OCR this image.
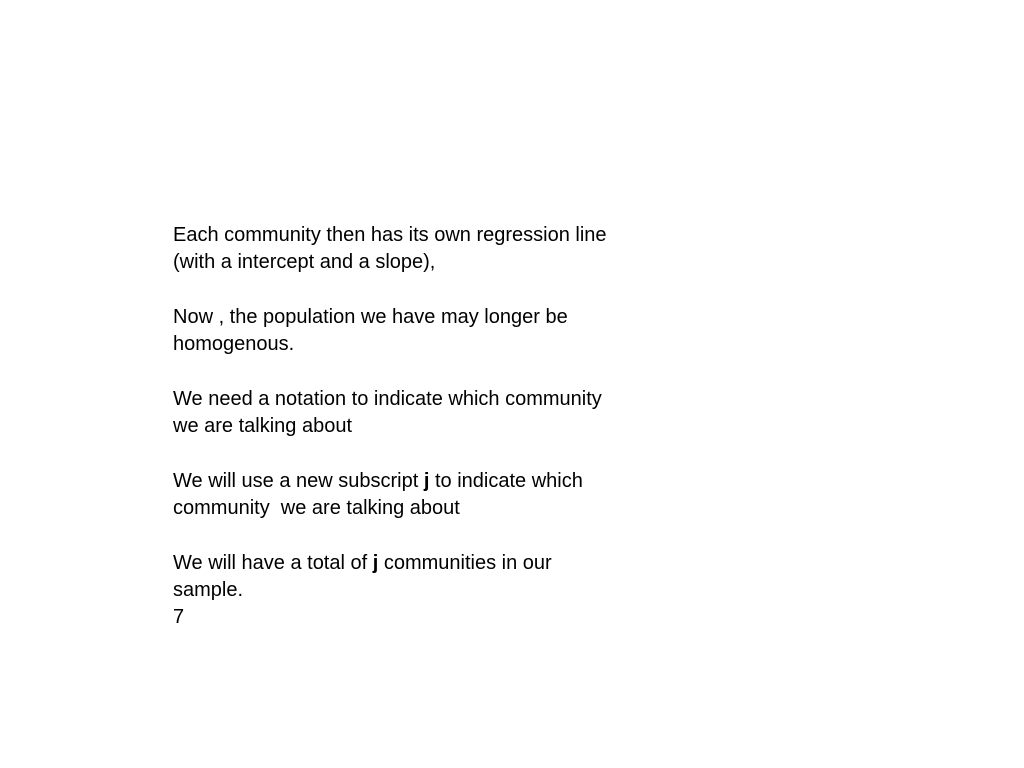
Each community then has its own regression line

(with a intercept and a slope),

Now , the population we have may longer be

homogenous.

We need a notation to indicate which community

we are talking about

We will use a new subscript j to indicate which

community  we are talking about

We will have a total of j communities in our

sample.

7
